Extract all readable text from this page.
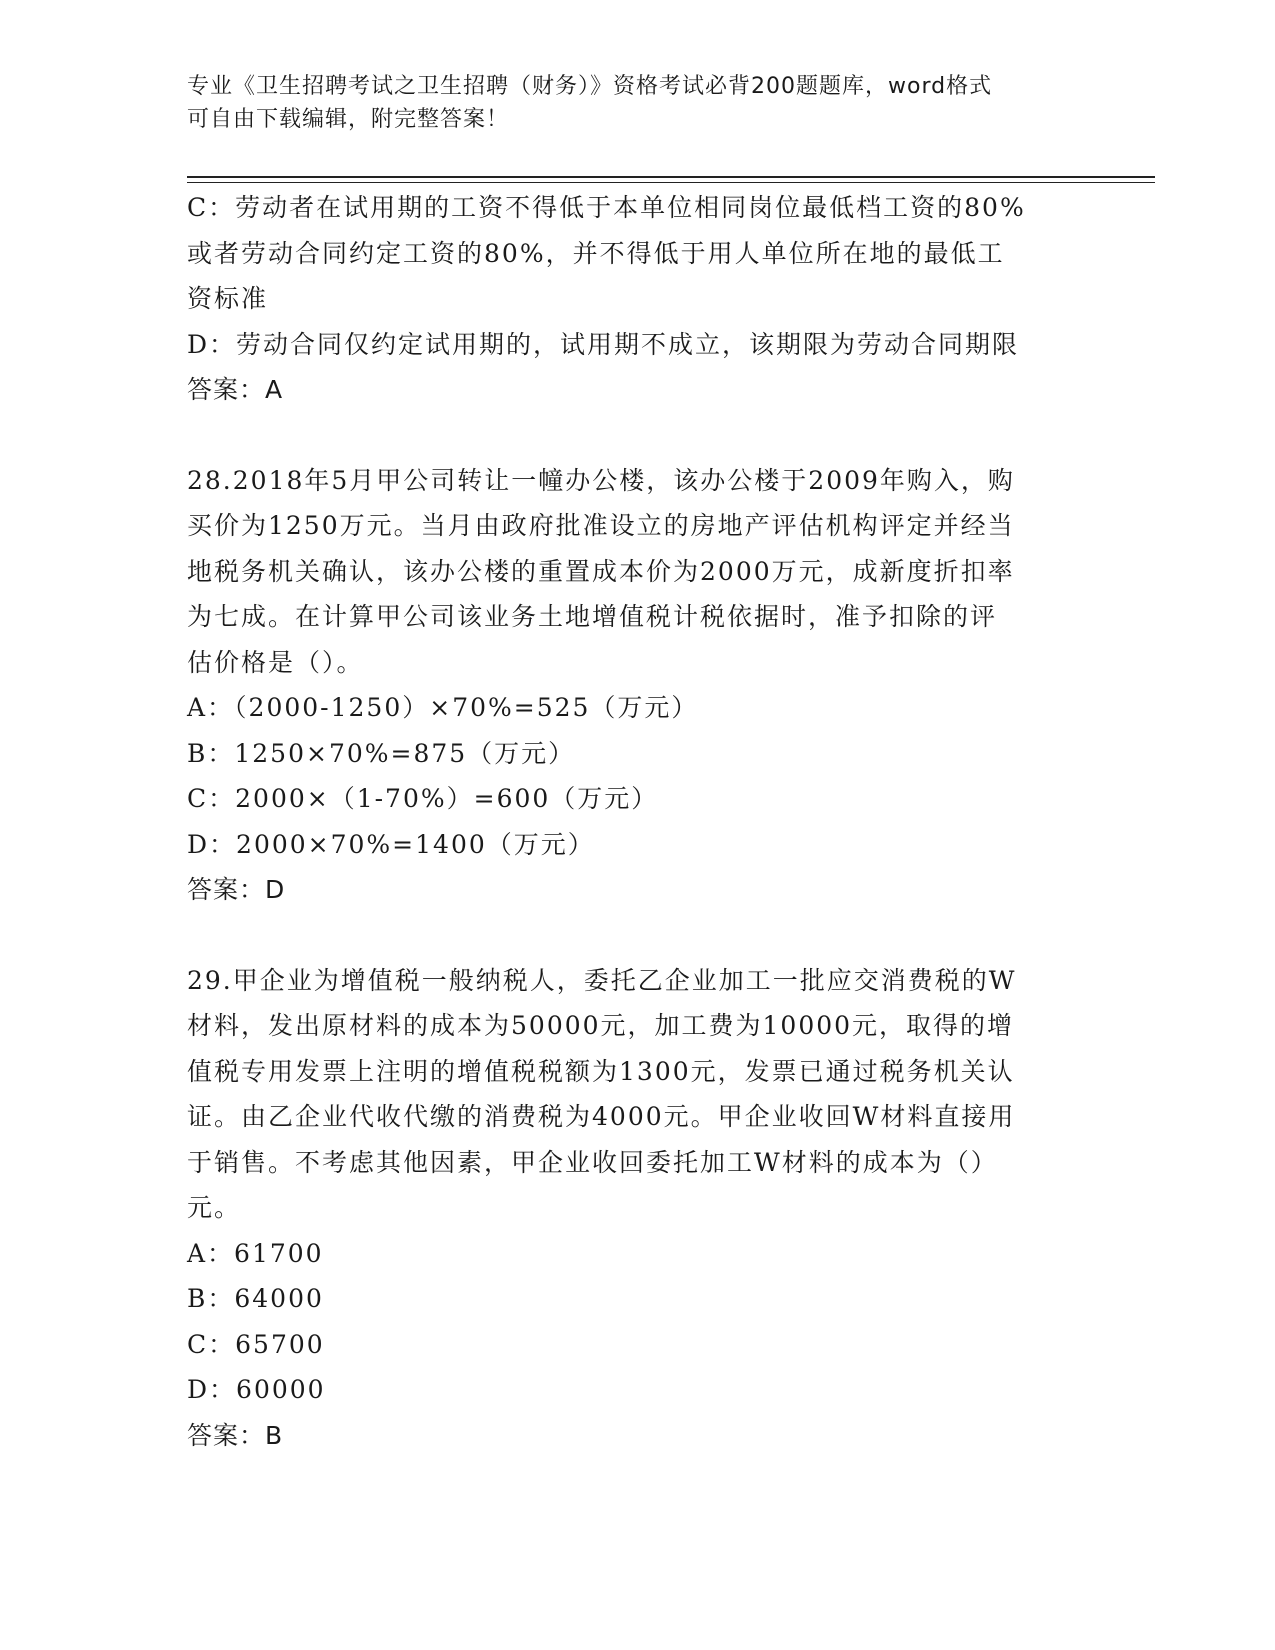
专业《卫生招聘考试之卫生招聘（财务）》资格考试必背200题题库，word格式
可自由下载编辑，附完整答案！
C：劳动者在试用期的工资不得低于本单位相同岗位最低档工资的80%
或者劳动合同约定工资的80%，并不得低于用人单位所在地的最低工
资标准
D：劳动合同仅约定试用期的，试用期不成立，该期限为劳动合同期限
答案：A
28.2018年5月甲公司转让一幢办公楼，该办公楼于2009年购入，购
买价为1250万元。当月由政府批准设立的房地产评估机构评定并经当
地税务机关确认，该办公楼的重置成本价为2000万元，成新度折扣率
为七成。在计算甲公司该业务土地增值税计税依据时，准予扣除的评
估价格是（）。
A：（2000-1250）×70%=525（万元）
B：1250×70%=875（万元）
C：2000×（1-70%）=600（万元）
D：2000×70%=1400（万元）
答案：D
29.甲企业为增值税一般纳税人，委托乙企业加工一批应交消费税的W
材料，发出原材料的成本为50000元，加工费为10000元，取得的增
值税专用发票上注明的增值税税额为1300元，发票已通过税务机关认
证。由乙企业代收代缴的消费税为4000元。甲企业收回W材料直接用
于销售。不考虑其他因素，甲企业收回委托加工W材料的成本为（）
元。
A：61700
B：64000
C：65700
D：60000
答案：B
